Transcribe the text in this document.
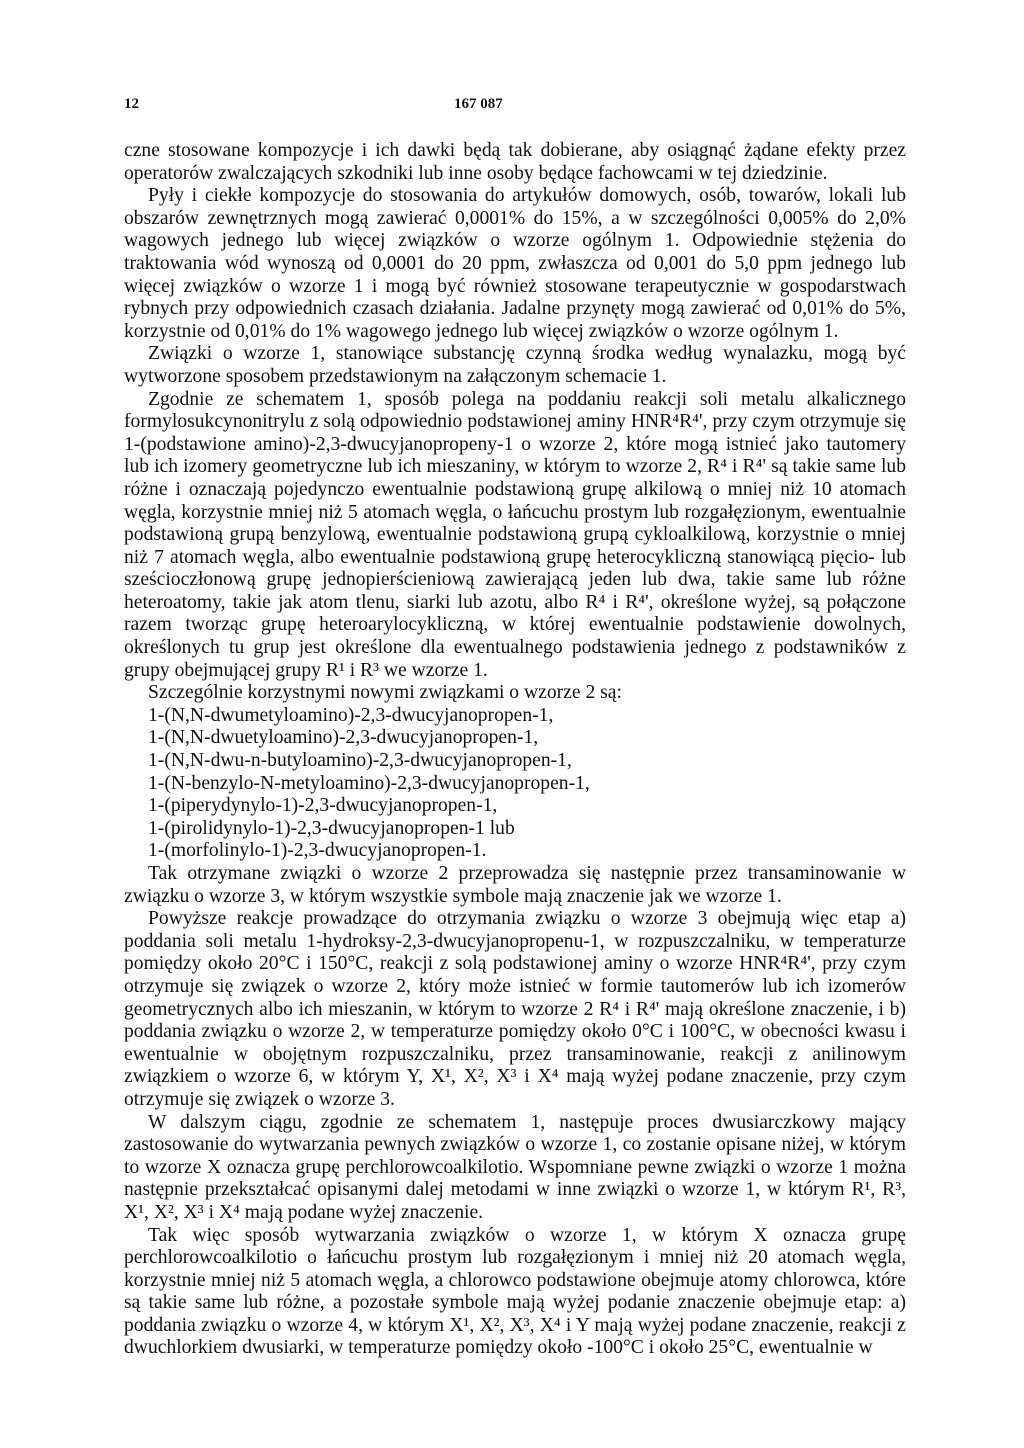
12	167 087

czne stosowane kompozycje i ich dawki będą tak dobierane, aby osiągnąć żądane efekty przez operatorów zwalczających szkodniki lub inne osoby będące fachowcami w tej dziedzinie.

Pyły i ciekłe kompozycje do stosowania do artykułów domowych, osób, towarów, lokali lub obszarów zewnętrznych mogą zawierać 0,0001% do 15%, a w szczególności 0,005% do 2,0% wagowych jednego lub więcej związków o wzorze ogólnym 1. Odpowiednie stężenia do traktowania wód wynoszą od 0,0001 do 20 ppm, zwłaszcza od 0,001 do 5,0 ppm jednego lub więcej związków o wzorze 1 i mogą być również stosowane terapeutycznie w gospodarstwach rybnych przy odpowiednich czasach działania. Jadalne przynęty mogą zawierać od 0,01% do 5%, korzystnie od 0,01% do 1% wagowego jednego lub więcej związków o wzorze ogólnym 1.

Związki o wzorze 1, stanowiące substancję czynną środka według wynalazku, mogą być wytworzone sposobem przedstawionym na załączonym schemacie 1.

Zgodnie ze schematem 1, sposób polega na poddaniu reakcji soli metalu alkalicznego formylosukcynonitrylu z solą odpowiednio podstawionej aminy HNR⁴R⁴', przy czym otrzymuje się 1-(podstawione amino)-2,3-dwucyjanopropeny-1 o wzorze 2, które mogą istnieć jako tautomery lub ich izomery geometryczne lub ich mieszaniny, w którym to wzorze 2, R⁴ i R⁴' są takie same lub różne i oznaczają pojedynczo ewentualnie podstawioną grupę alkilową o mniej niż 10 atomach węgla, korzystnie mniej niż 5 atomach węgla, o łańcuchu prostym lub rozgałęzionym, ewentualnie podstawioną grupą benzylową, ewentualnie podstawioną grupą cykloalkilową, korzystnie o mniej niż 7 atomach węgla, albo ewentualnie podstawioną grupę heterocykliczną stanowiącą pięcio- lub sześcioczłonową grupę jednopierścieniową zawierającą jeden lub dwa, takie same lub różne heteroatomy, takie jak atom tlenu, siarki lub azotu, albo R⁴ i R⁴', określone wyżej, są połączone razem tworząc grupę heteroarylocykliczną, w której ewentualnie podstawienie dowolnych, określonych tu grup jest określone dla ewentualnego podstawienia jednego z podstawników z grupy obejmującej grupy R¹ i R³ we wzorze 1.

Szczególnie korzystnymi nowymi związkami o wzorze 2 są:

1-(N,N-dwumetyloamino)-2,3-dwucyjanopropen-1,
1-(N,N-dwuetyloamino)-2,3-dwucyjanopropen-1,
1-(N,N-dwu-n-butyloamino)-2,3-dwucyjanopropen-1,
1-(N-benzylo-N-metyloamino)-2,3-dwucyjanopropen-1,
1-(piperydynylo-1)-2,3-dwucyjanopropen-1,
1-(pirolidynylo-1)-2,3-dwucyjanopropen-1 lub
1-(morfolinylo-1)-2,3-dwucyjanopropen-1.

Tak otrzymane związki o wzorze 2 przeprowadza się następnie przez transaminowanie w związku o wzorze 3, w którym wszystkie symbole mają znaczenie jak we wzorze 1.

Powyższe reakcje prowadzące do otrzymania związku o wzorze 3 obejmują więc etap a) poddania soli metalu 1-hydroksy-2,3-dwucyjanopropenu-1, w rozpuszczalniku, w temperaturze pomiędzy około 20°C i 150°C, reakcji z solą podstawionej aminy o wzorze HNR⁴R⁴', przy czym otrzymuje się związek o wzorze 2, który może istnieć w formie tautomerów lub ich izomerów geometrycznych albo ich mieszanin, w którym to wzorze 2 R⁴ i R⁴' mają określone znaczenie, i b) poddania związku o wzorze 2, w temperaturze pomiędzy około 0°C i 100°C, w obecności kwasu i ewentualnie w obojętnym rozpuszczalniku, przez transaminowanie, reakcji z anilinowym związkiem o wzorze 6, w którym Y, X¹, X², X³ i X⁴ mają wyżej podane znaczenie, przy czym otrzymuje się związek o wzorze 3.

W dalszym ciągu, zgodnie ze schematem 1, następuje proces dwusiarczkowy mający zastosowanie do wytwarzania pewnych związków o wzorze 1, co zostanie opisane niżej, w którym to wzorze X oznacza grupę perchlorowcoalkilotio. Wspomniane pewne związki o wzorze 1 można następnie przekształcać opisanymi dalej metodami w inne związki o wzorze 1, w którym R¹, R³, X¹, X², X³ i X⁴ mają podane wyżej znaczenie.

Tak więc sposób wytwarzania związków o wzorze 1, w którym X oznacza grupę perchlorowcoalkilotio o łańcuchu prostym lub rozgałęzionym i mniej niż 20 atomach węgla, korzystnie mniej niż 5 atomach węgla, a chlorowco podstawione obejmuje atomy chlorowca, które są takie same lub różne, a pozostałe symbole mają wyżej podanie znaczenie obejmuje etap: a) poddania związku o wzorze 4, w którym X¹, X², X³, X⁴ i Y mają wyżej podane znaczenie, reakcji z dwuchlorkiem dwusiarki, w temperaturze pomiędzy około -100°C i około 25°C, ewentualnie w
